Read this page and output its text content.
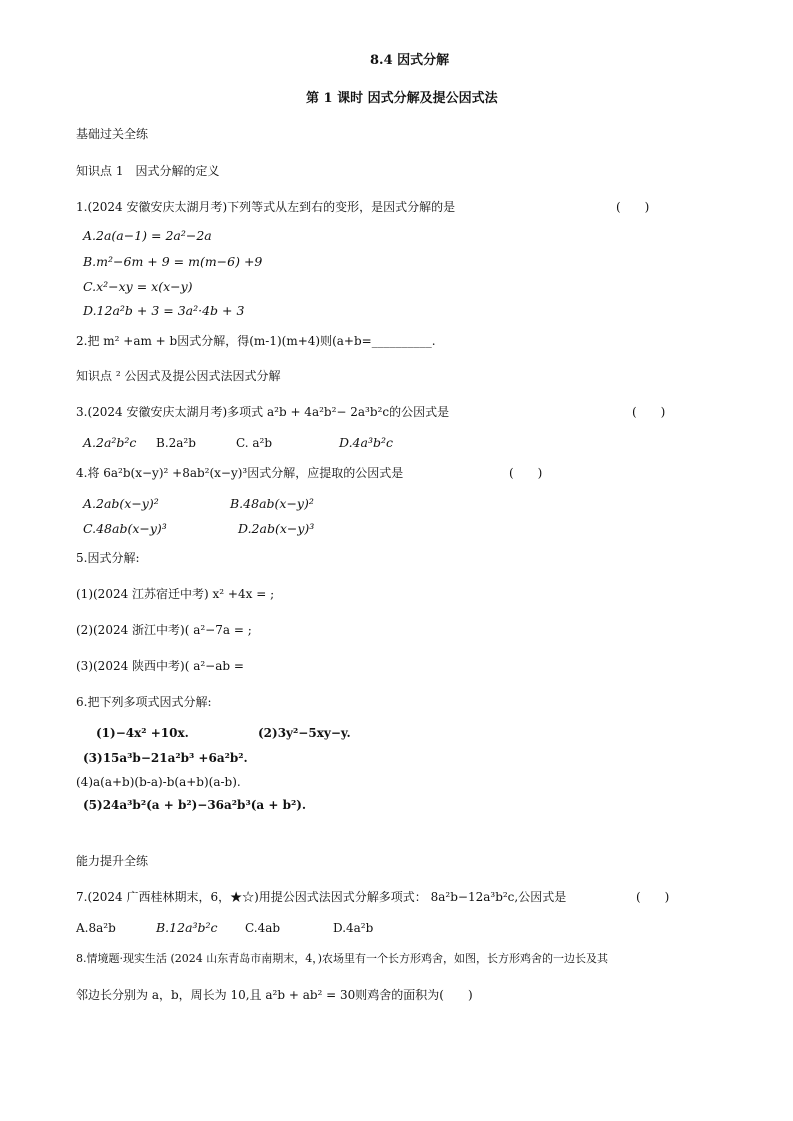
8.4 因式分解
第 1 课时 因式分解及提公因式法
基础过关全练
知识点 1　因式分解的定义
1.(2024 安徽安庆太湖月考)下列等式从左到右的变形，是因式分解的是	(　　)
A.2a(a−1) = 2a²−2a
B.m²−6m + 9 = m(m−6) +9
C.x²−xy = x(x−y)
D.12a²b + 3 = 3a²·4b + 3
2.把 m² +am + b因式分解，得(m-1)(m+4)则(a+b=__________.
知识点 ² 公因式及提公因式法因式分解
3.(2024 安徽安庆太湖月考)多项式 a²b + 4a²b²− 2a³b²c的公因式是	(　　)
A.2a²b²c B.2a²b	C. a²b	D.4a³b²c
4.将 6a²b(x−y)² +8ab²(x−y)³因式分解，应提取的公因式是	(　　)
A.2ab(x−y)²	B.48ab(x−y)²
C.48ab(x−y)³	D.2ab(x−y)³
5.因式分解:
(1)(2024 江苏宿迁中考) x² +4x = ;
(2)(2024 浙江中考)( a²−7a = ;
(3)(2024 陕西中考)( a²−ab =
6.把下列多项式因式分解:
(1)−4x² +10x.	(2)3y²−5xy−y.
(3)15a³b−21a²b³ +6a²b².
(4)a(a+b)(b-a)-b(a+b)(a-b).
(5)24a³b²(a + b²)−36a²b³(a + b²).
能力提升全练
7.(2024 广西桂林期末，6，★☆)用提公因式法因式分解多项式： 8a²b−12a³b²c,公因式是	(　　)
A.8a²b	B.12a³b²c C.4ab	D.4a²b
8.情境题·现实生活 (2024 山东青岛市南期末，4，)农场里有一个长方形鸡舍，如图，长方形鸡舍的一边长及其
邻边长分别为 a，b，周长为 10,且 a²b + ab² = 30则鸡舍的面积为(　　)
